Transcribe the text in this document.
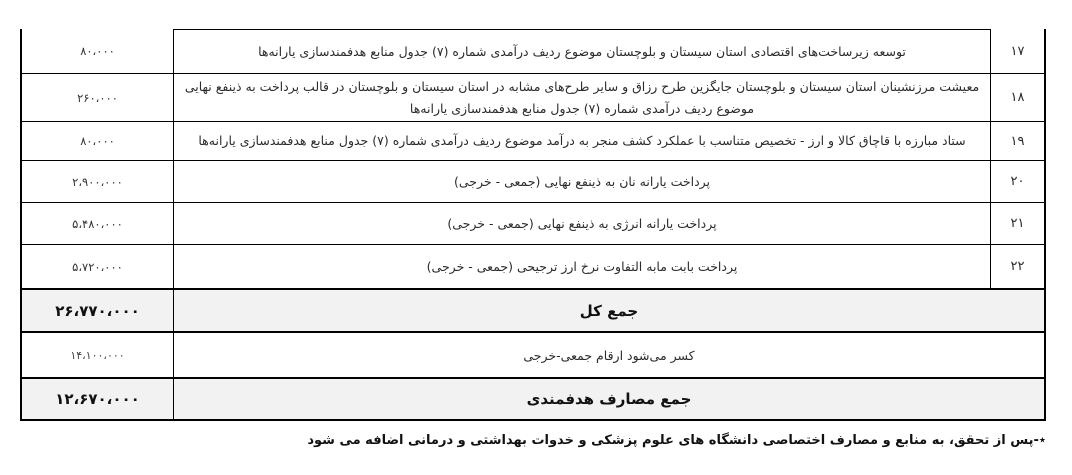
۱۷
توسعه زیرساخت‌های اقتصادی استان سیستان و بلوچستان موضوع ردیف درآمدی شماره (۷) جدول منابع هدفمندسازی یارانه‌ها
۸۰،۰۰۰
۱۸
معیشت مرزنشینان استان سیستان و بلوچستان جایگزین طرح رزاق و سایر طرح‌های مشابه در استان سیستان و بلوچستان در قالب پرداخت به ذینفع نهایی موضوع ردیف درآمدی شماره (۷) جدول منابع هدفمندسازی یارانه‌ها
۲۶۰،۰۰۰
۱۹
ستاد مبارزه با قاچاق کالا و ارز - تخصیص متناسب با عملکرد کشف منجر به درآمد موضوع ردیف درآمدی شماره (۷) جدول منابع هدفمندسازی یارانه‌ها
۸۰،۰۰۰
۲۰
پرداخت یارانه نان به ذینفع نهایی (جمعی - خرجی)
۲،۹۰۰،۰۰۰
۲۱
پرداخت یارانه انرژی به ذینفع نهایی (جمعی - خرجی)
۵،۴۸۰،۰۰۰
۲۲
پرداخت بابت مابه التفاوت نرخ ارز ترجیحی (جمعی - خرجی)
۵،۷۲۰،۰۰۰
جمع کل
۲۶،۷۷۰،۰۰۰
کسر می‌شود ارقام جمعی-خرجی
۱۴،۱۰۰،۰۰۰
جمع مصارف هدفمندی
۱۲،۶۷۰،۰۰۰
٭-پس از تحقق، به منابع و مصارف اختصاصی دانشگاه های علوم پزشکی و خدوات بهداشتی و درمانی اضافه می شود
